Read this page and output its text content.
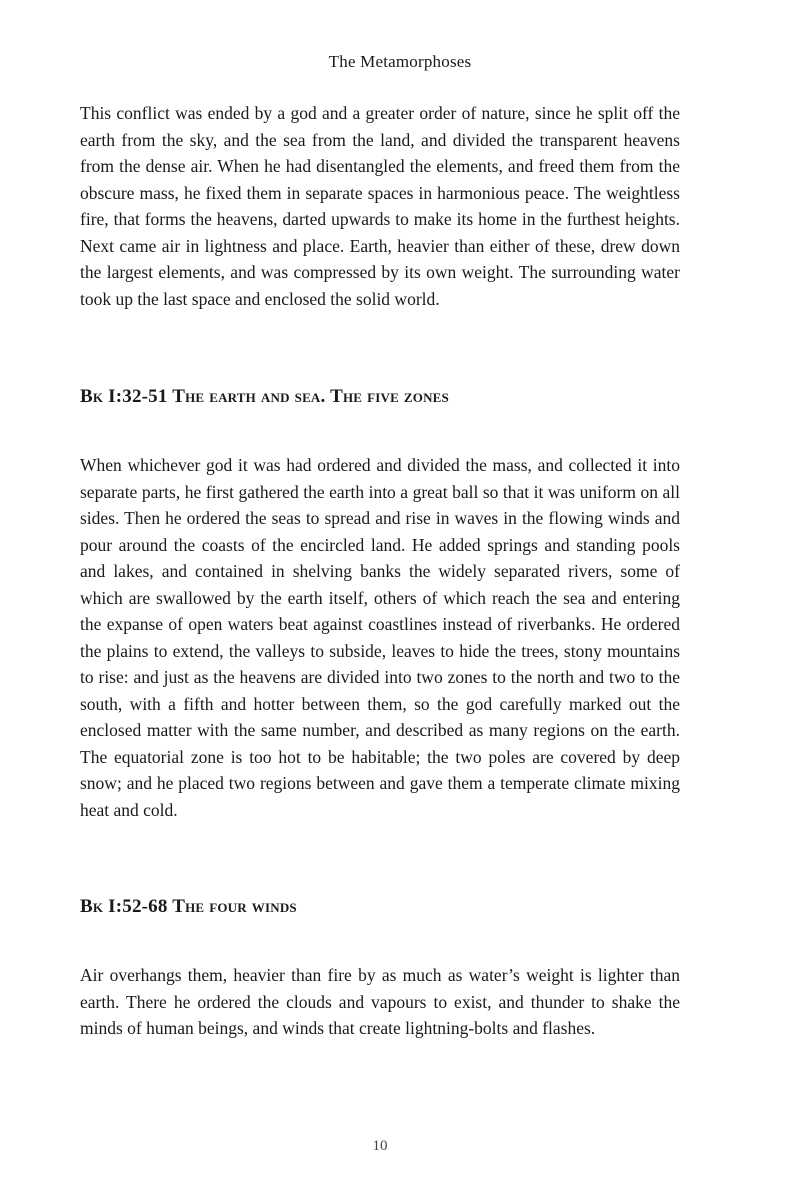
The Metamorphoses

This conflict was ended by a god and a greater order of nature, since he split off the earth from the sky, and the sea from the land, and divided the transparent heavens from the dense air. When he had disentangled the elements, and freed them from the obscure mass, he fixed them in separate spaces in harmonious peace. The weightless fire, that forms the heavens, darted upwards to make its home in the furthest heights. Next came air in lightness and place. Earth, heavier than either of these, drew down the largest elements, and was compressed by its own weight. The surrounding water took up the last space and enclosed the solid world.

Bk I:32-51 The earth and sea. The five zones

When whichever god it was had ordered and divided the mass, and collected it into separate parts, he first gathered the earth into a great ball so that it was uniform on all sides. Then he ordered the seas to spread and rise in waves in the flowing winds and pour around the coasts of the encircled land. He added springs and standing pools and lakes, and contained in shelving banks the widely separated rivers, some of which are swallowed by the earth itself, others of which reach the sea and entering the expanse of open waters beat against coastlines instead of riverbanks. He ordered the plains to extend, the valleys to subside, leaves to hide the trees, stony mountains to rise: and just as the heavens are divided into two zones to the north and two to the south, with a fifth and hotter between them, so the god carefully marked out the enclosed matter with the same number, and described as many regions on the earth. The equatorial zone is too hot to be habitable; the two poles are covered by deep snow; and he placed two regions between and gave them a temperate climate mixing heat and cold.

Bk I:52-68 The four winds

Air overhangs them, heavier than fire by as much as water’s weight is lighter than earth. There he ordered the clouds and vapours to exist, and thunder to shake the minds of human beings, and winds that create lightning-bolts and flashes.

10
